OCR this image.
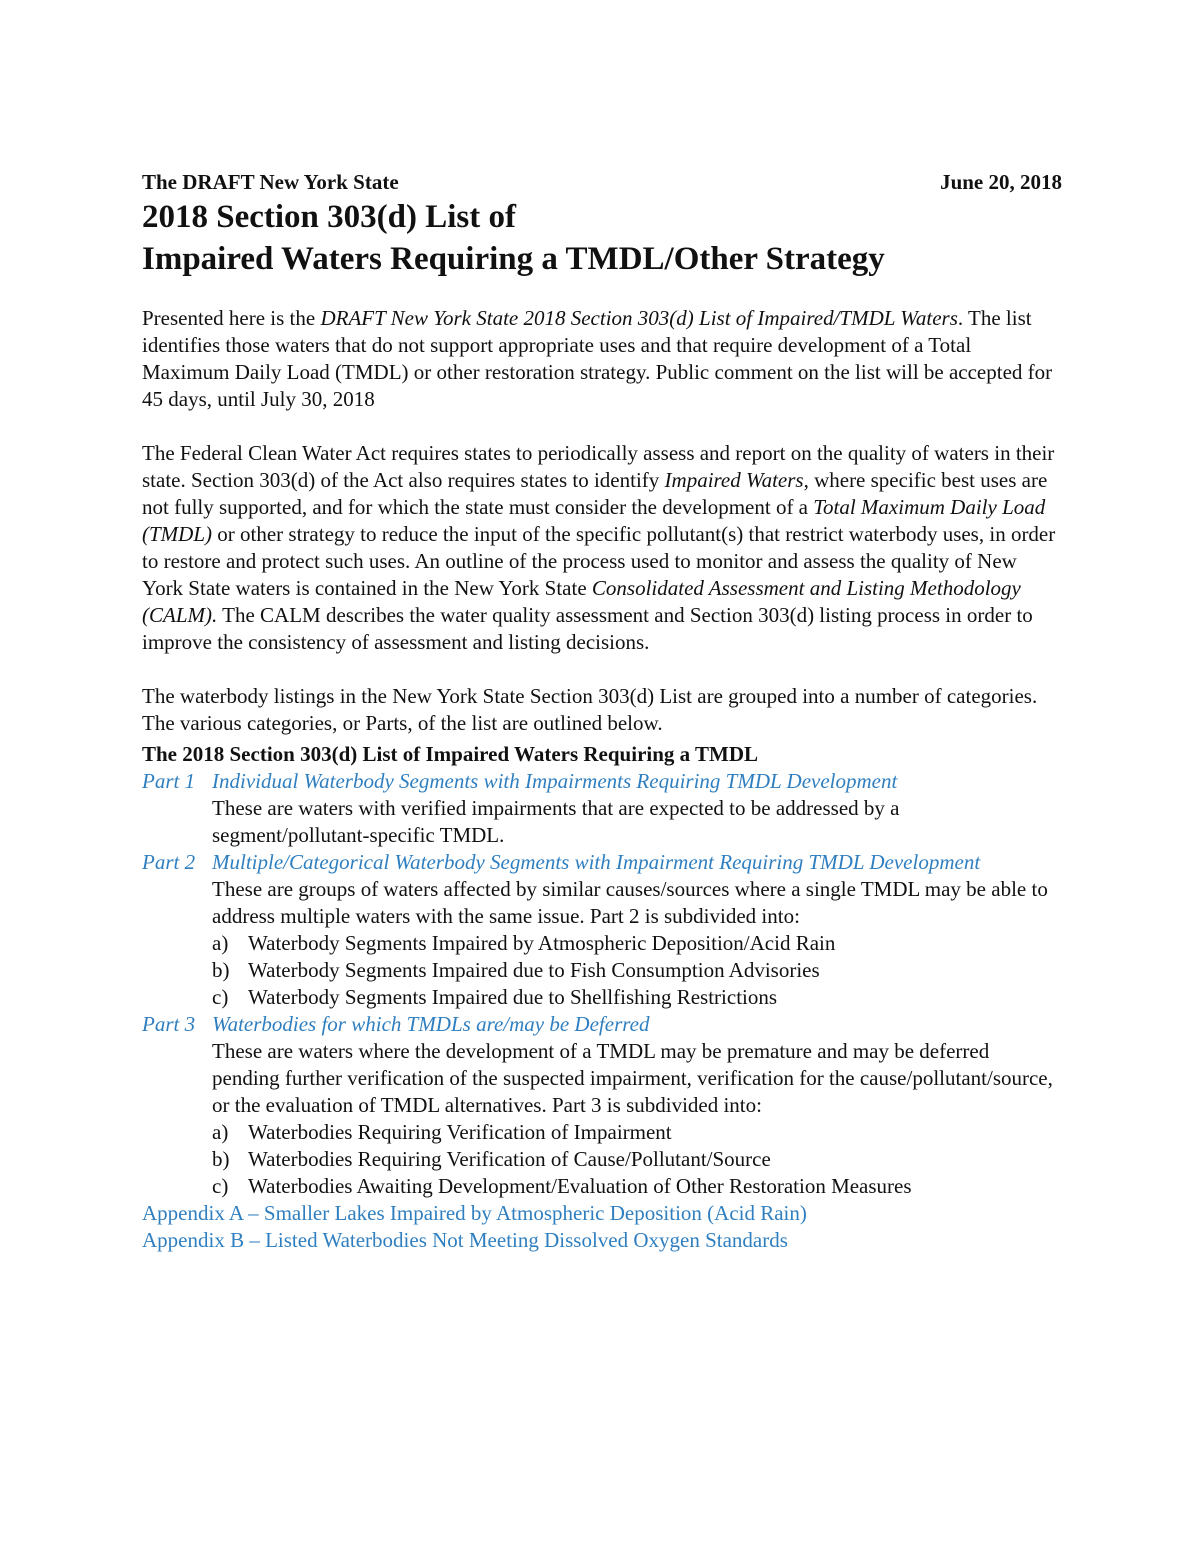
The DRAFT New York State	June 20, 2018
2018 Section 303(d) List of
Impaired Waters Requiring a TMDL/Other Strategy

Presented here is the DRAFT New York State 2018 Section 303(d) List of Impaired/TMDL Waters. The list identifies those waters that do not support appropriate uses and that require development of a Total Maximum Daily Load (TMDL) or other restoration strategy. Public comment on the list will be accepted for 45 days, until July 30, 2018

The Federal Clean Water Act requires states to periodically assess and report on the quality of waters in their state. Section 303(d) of the Act also requires states to identify Impaired Waters, where specific best uses are not fully supported, and for which the state must consider the development of a Total Maximum Daily Load (TMDL) or other strategy to reduce the input of the specific pollutant(s) that restrict waterbody uses, in order to restore and protect such uses. An outline of the process used to monitor and assess the quality of New York State waters is contained in the New York State Consolidated Assessment and Listing Methodology (CALM). The CALM describes the water quality assessment and Section 303(d) listing process in order to improve the consistency of assessment and listing decisions.

The waterbody listings in the New York State Section 303(d) List are grouped into a number of categories. The various categories, or Parts, of the list are outlined below.

The 2018 Section 303(d) List of Impaired Waters Requiring a TMDL
Part 1 Individual Waterbody Segments with Impairments Requiring TMDL Development
These are waters with verified impairments that are expected to be addressed by a segment/pollutant-specific TMDL.
Part 2 Multiple/Categorical Waterbody Segments with Impairment Requiring TMDL Development
These are groups of waters affected by similar causes/sources where a single TMDL may be able to address multiple waters with the same issue. Part 2 is subdivided into:
a) Waterbody Segments Impaired by Atmospheric Deposition/Acid Rain
b) Waterbody Segments Impaired due to Fish Consumption Advisories
c) Waterbody Segments Impaired due to Shellfishing Restrictions
Part 3 Waterbodies for which TMDLs are/may be Deferred
These are waters where the development of a TMDL may be premature and may be deferred pending further verification of the suspected impairment, verification for the cause/pollutant/source, or the evaluation of TMDL alternatives. Part 3 is subdivided into:
a) Waterbodies Requiring Verification of Impairment
b) Waterbodies Requiring Verification of Cause/Pollutant/Source
c) Waterbodies Awaiting Development/Evaluation of Other Restoration Measures
Appendix A – Smaller Lakes Impaired by Atmospheric Deposition (Acid Rain)
Appendix B – Listed Waterbodies Not Meeting Dissolved Oxygen Standards
